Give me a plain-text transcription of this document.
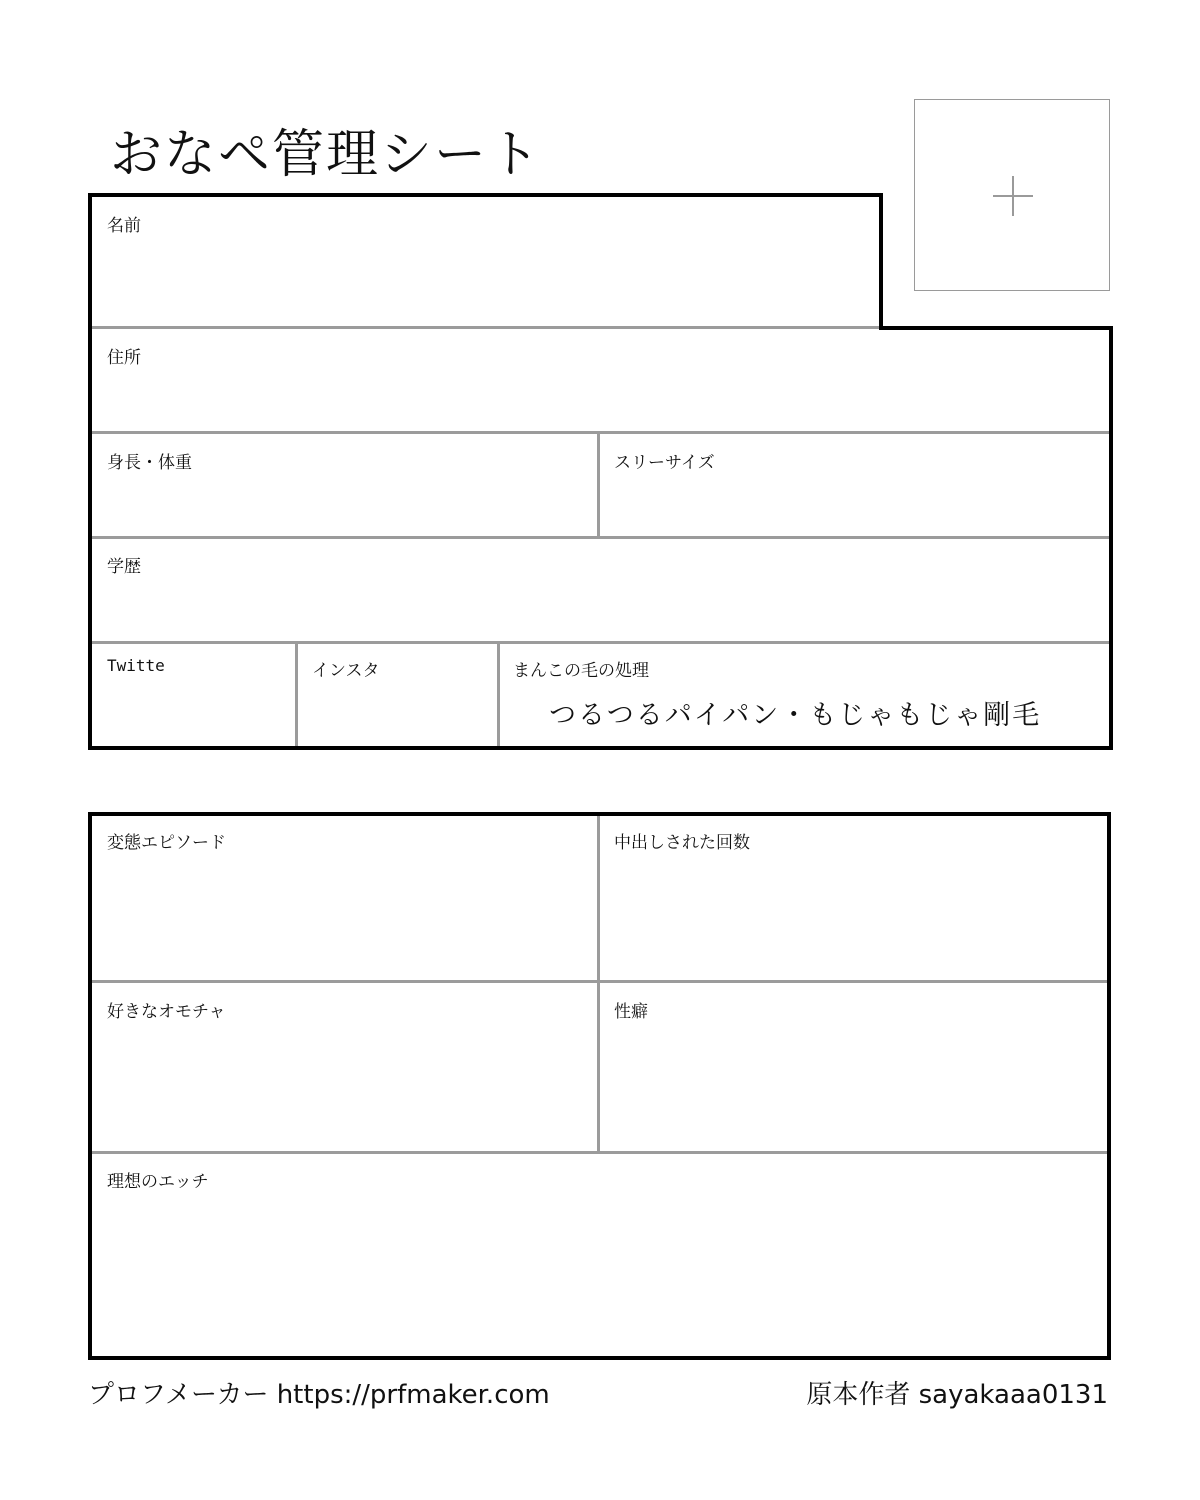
おなペ管理シート
名前
住所
身長・体重	スリーサイズ
学歴
Twitte	インスタ	まんこの毛の処理
つるつるパイパン・もじゃもじゃ剛毛
変態エピソード	中出しされた回数
好きなオモチャ	性癖
理想のエッチ
プロフメーカー https://prfmaker.com	原本作者 sayakaaa0131
